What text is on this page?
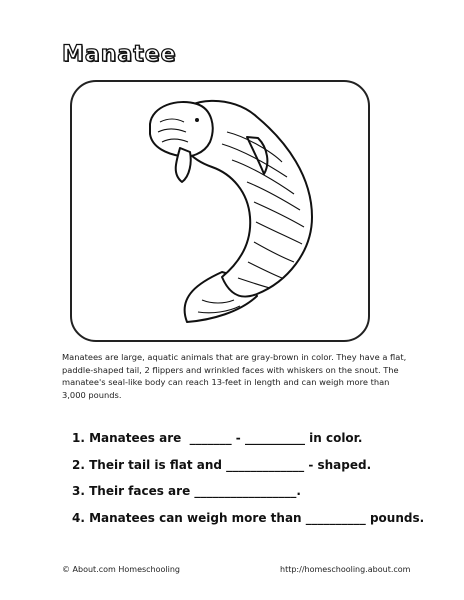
Manatee

Manatees are large, aquatic animals that are gray-brown in color. They have a flat, paddle-shaped tail, 2 flippers and wrinkled faces with whiskers on the snout. The manatee's seal-like body can reach 13-feet in length and can weigh more than 3,000 pounds.

1. Manatees are  _______ - __________ in color.
2. Their tail is flat and _____________ - shaped.
3. Their faces are _________________.
4. Manatees can weigh more than __________ pounds.
© About.com Homeschooling	http://homeschooling.about.com
